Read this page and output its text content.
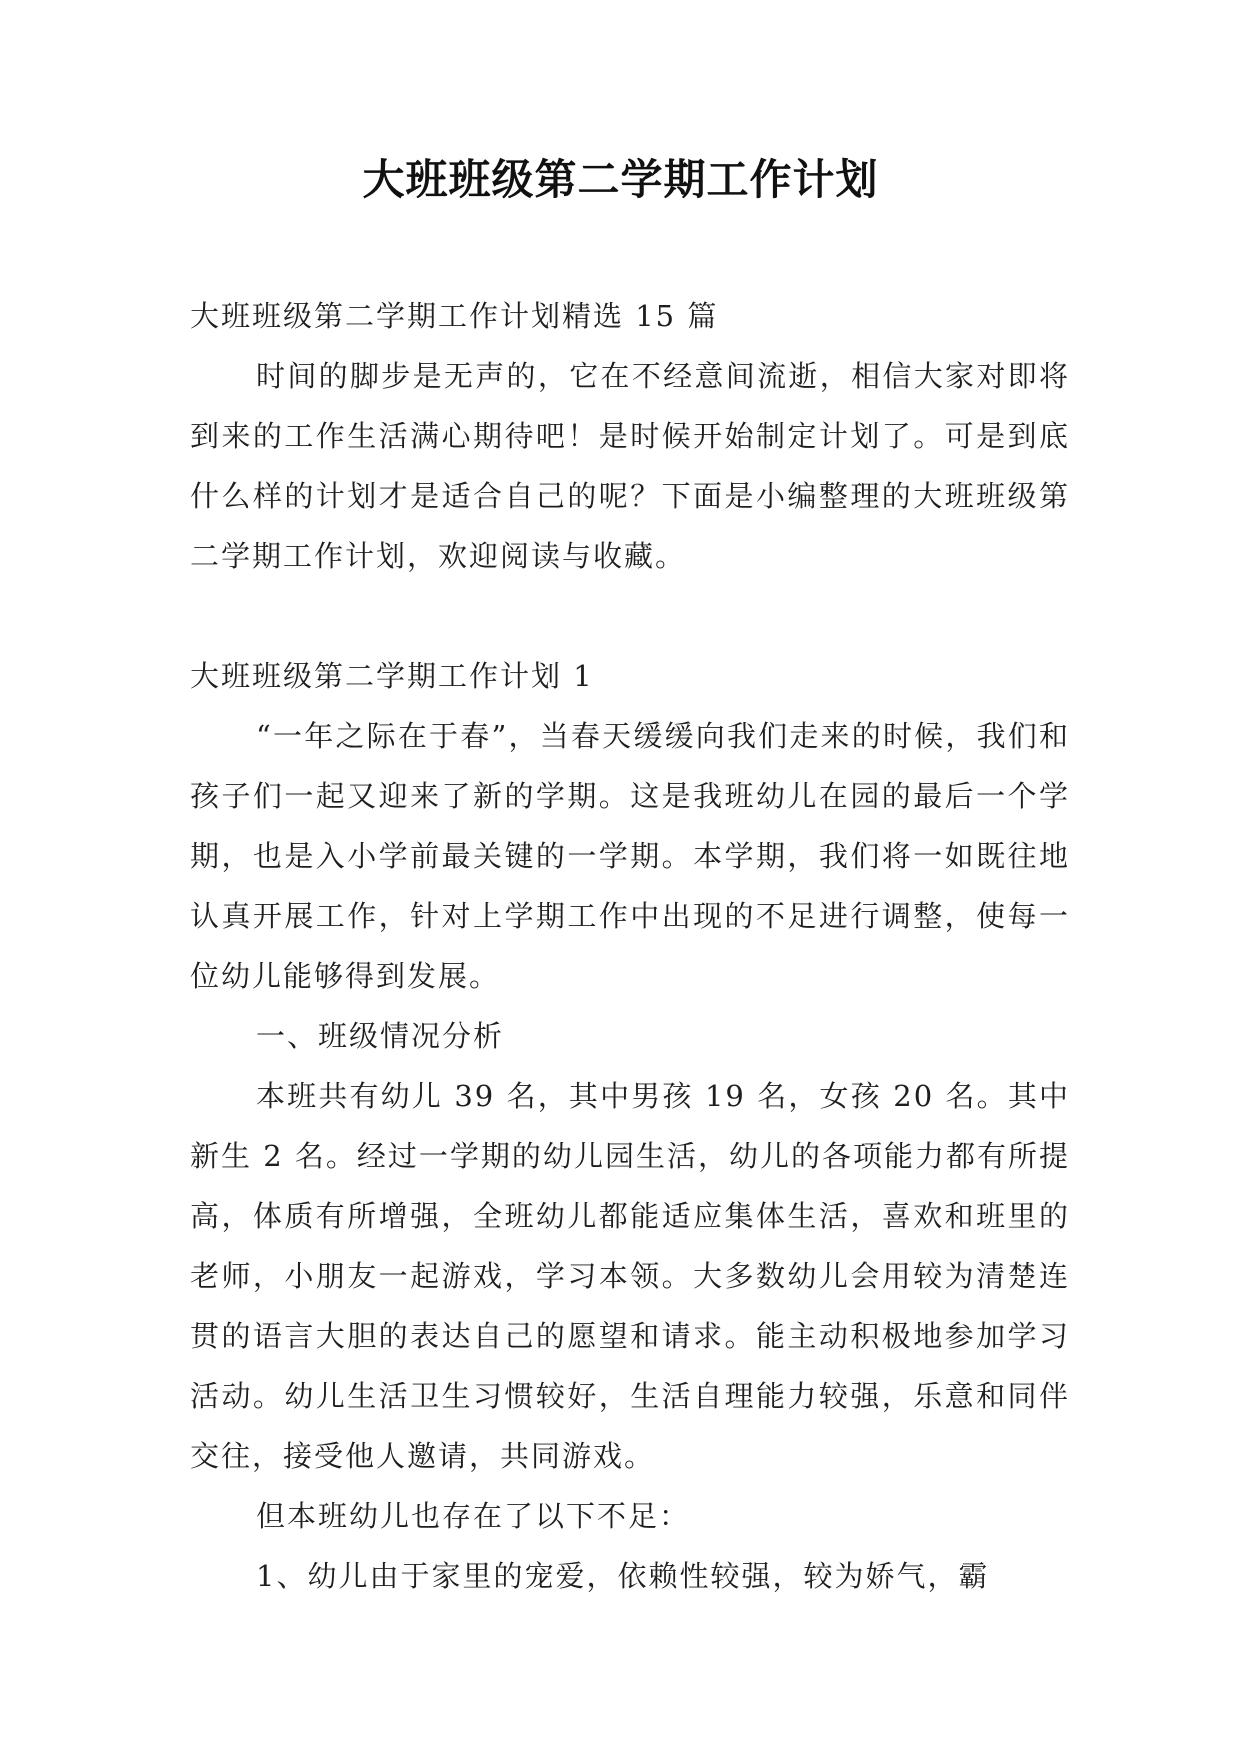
大班班级第二学期工作计划

大班班级第二学期工作计划精选 15 篇

时间的脚步是无声的，它在不经意间流逝，相信大家对即将到来的工作生活满心期待吧！是时候开始制定计划了。可是到底什么样的计划才是适合自己的呢？下面是小编整理的大班班级第二学期工作计划，欢迎阅读与收藏。

大班班级第二学期工作计划 1

“一年之际在于春”，当春天缓缓向我们走来的时候，我们和孩子们一起又迎来了新的学期。这是我班幼儿在园的最后一个学期，也是入小学前最关键的一学期。本学期，我们将一如既往地认真开展工作，针对上学期工作中出现的不足进行调整，使每一位幼儿能够得到发展。

一、班级情况分析

本班共有幼儿 39 名，其中男孩 19 名，女孩 20 名。其中新生 2 名。经过一学期的幼儿园生活，幼儿的各项能力都有所提高，体质有所增强，全班幼儿都能适应集体生活，喜欢和班里的老师，小朋友一起游戏，学习本领。大多数幼儿会用较为清楚连贯的语言大胆的表达自己的愿望和请求。能主动积极地参加学习活动。幼儿生活卫生习惯较好，生活自理能力较强，乐意和同伴交往，接受他人邀请，共同游戏。

但本班幼儿也存在了以下不足：

1、幼儿由于家里的宠爱，依赖性较强，较为娇气，霸
